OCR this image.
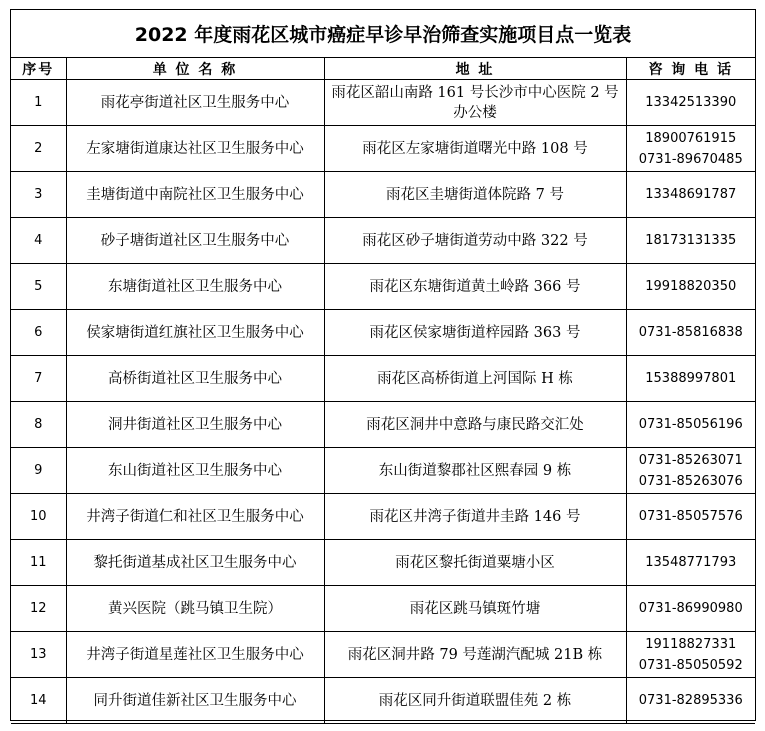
2022 年度雨花区城市癌症早诊早治筛查实施项目点一览表
序号	单 位 名 称	地 址	咨 询 电 话
1	雨花亭街道社区卫生服务中心	雨花区韶山南路 161 号长沙市中心医院 2 号办公楼	13342513390

2	左家塘街道康达社区卫生服务中心	雨花区左家塘街道曙光中路 108 号	18900761915
0731-89670485

3	圭塘街道中南院社区卫生服务中心	雨花区圭塘街道体院路 7 号	13348691787

4	砂子塘街道社区卫生服务中心	雨花区砂子塘街道劳动中路 322 号	18173131335

5	东塘街道社区卫生服务中心	雨花区东塘街道黄土岭路 366 号	19918820350

6	侯家塘街道红旗社区卫生服务中心	雨花区侯家塘街道梓园路 363 号	0731-85816838

7	高桥街道社区卫生服务中心	雨花区高桥街道上河国际 H 栋	15388997801

8	洞井街道社区卫生服务中心	雨花区洞井中意路与康民路交汇处	0731-85056196

9	东山街道社区卫生服务中心	东山街道黎郡社区熙春园 9 栋	0731-85263071
0731-85263076

10	井湾子街道仁和社区卫生服务中心	雨花区井湾子街道井圭路 146 号	0731-85057576

11	黎托街道基成社区卫生服务中心	雨花区黎托街道粟塘小区	13548771793

12	黄兴医院（跳马镇卫生院）	雨花区跳马镇斑竹塘	0731-86990980

13	井湾子街道星莲社区卫生服务中心	雨花区洞井路 79 号莲湖汽配城 21B 栋	19118827331
0731-85050592

14	同升街道佳新社区卫生服务中心	雨花区同升街道联盟佳苑 2 栋	0731-82895336
